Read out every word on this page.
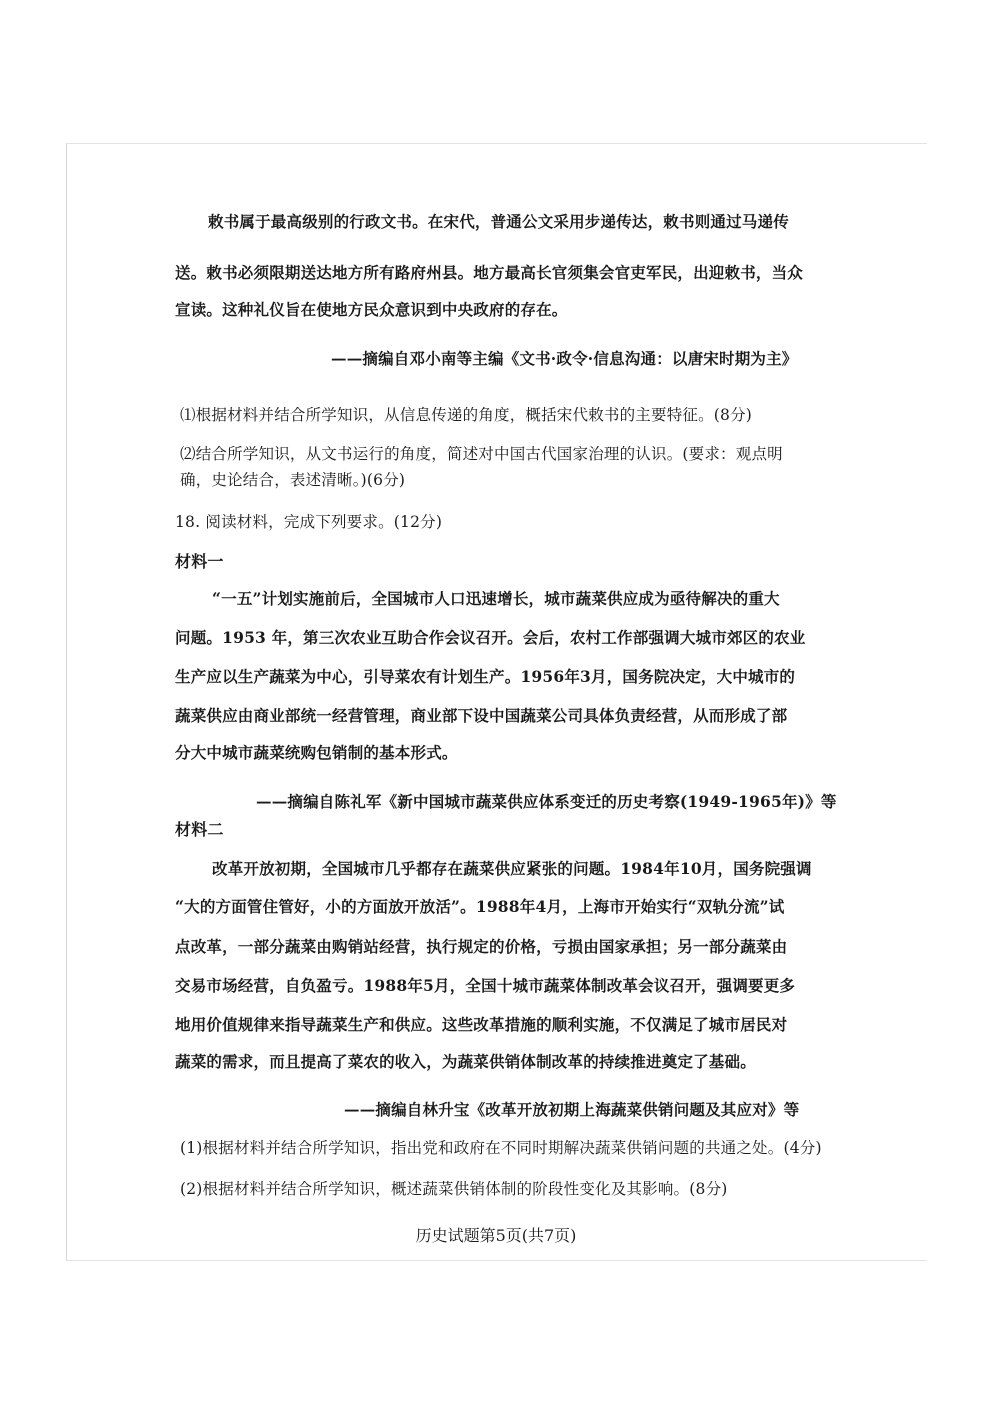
敕书属于最高级别的行政文书。在宋代，普通公文采用步递传达，敕书则通过马递传
送。敕书必须限期送达地方所有路府州县。地方最高长官须集会官吏军民，出迎敕书，当众
宣读。这种礼仪旨在使地方民众意识到中央政府的存在。
——摘编自邓小南等主编《文书·政令·信息沟通：以唐宋时期为主》
⑴根据材料并结合所学知识，从信息传递的角度，概括宋代敕书的主要特征。(8分)
⑵结合所学知识，从文书运行的角度，简述对中国古代国家治理的认识。(要求：观点明
确，史论结合，表述清晰。)(6分)
18. 阅读材料，完成下列要求。(12分)
材料一
“一五”计划实施前后，全国城市人口迅速增长，城市蔬菜供应成为亟待解决的重大
问题。1953 年，第三次农业互助合作会议召开。会后，农村工作部强调大城市郊区的农业
生产应以生产蔬菜为中心，引导菜农有计划生产。1956年3月，国务院决定，大中城市的
蔬菜供应由商业部统一经营管理，商业部下设中国蔬菜公司具体负责经营，从而形成了部
分大中城市蔬菜统购包销制的基本形式。
——摘编自陈礼军《新中国城市蔬菜供应体系变迁的历史考察(1949-1965年)》等
材料二
改革开放初期，全国城市几乎都存在蔬菜供应紧张的问题。1984年10月，国务院强调
“大的方面管住管好，小的方面放开放活”。1988年4月，上海市开始实行“双轨分流”试
点改革，一部分蔬菜由购销站经营，执行规定的价格，亏损由国家承担；另一部分蔬菜由
交易市场经营，自负盈亏。1988年5月，全国十城市蔬菜体制改革会议召开，强调要更多
地用价值规律来指导蔬菜生产和供应。这些改革措施的顺利实施，不仅满足了城市居民对
蔬菜的需求，而且提高了菜农的收入，为蔬菜供销体制改革的持续推进奠定了基础。
——摘编自林升宝《改革开放初期上海蔬菜供销问题及其应对》等
(1)根据材料并结合所学知识，指出党和政府在不同时期解决蔬菜供销问题的共通之处。(4分)
(2)根据材料并结合所学知识，概述蔬菜供销体制的阶段性变化及其影响。(8分)
历史试题第5页(共7页)
